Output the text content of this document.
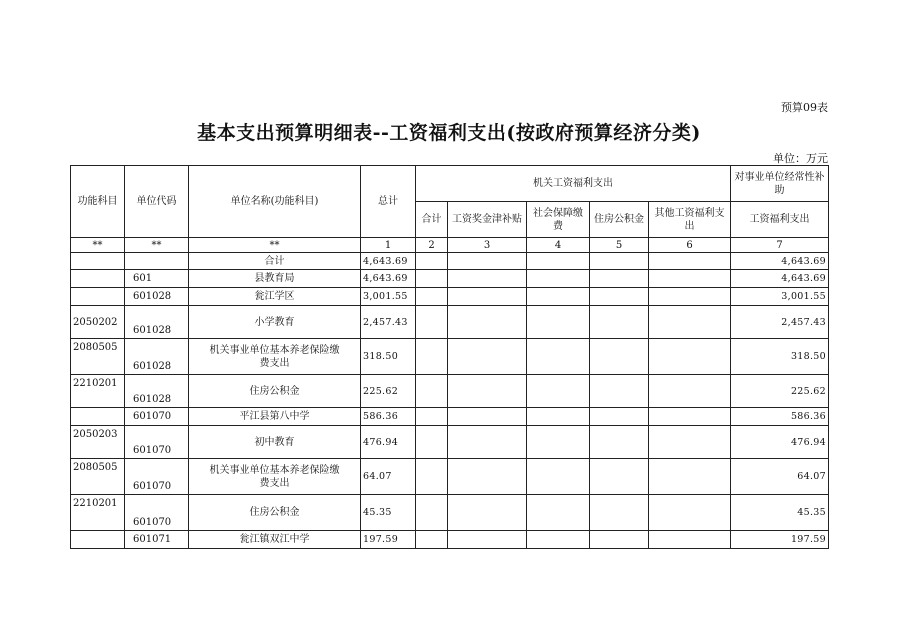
预算09表
基本支出预算明细表--工资福利支出(按政府预算经济分类)
单位：万元
功能科目	单位代码	单位名称(功能科目)	总计	机关工资福利支出					对事业单位经常性补助
				合计	工资奖金津补贴	社会保障缴费	住房公积金	其他工资福利支出	工资福利支出
**	**	**	1	2	3	4	5	6	7
		合计	4,643.69						4,643.69
	601	县教育局	4,643.69						4,643.69
	601028	瓮江学区	3,001.55						3,001.55
2050202	601028	小学教育	2,457.43						2,457.43
2080505	601028	机关事业单位基本养老保险缴费支出	318.50						318.50
2210201	601028	住房公积金	225.62						225.62
	601070	平江县第八中学	586.36						586.36
2050203	601070	初中教育	476.94						476.94
2080505	601070	机关事业单位基本养老保险缴费支出	64.07						64.07
2210201	601070	住房公积金	45.35						45.35
	601071	瓮江镇双江中学	197.59						197.59
